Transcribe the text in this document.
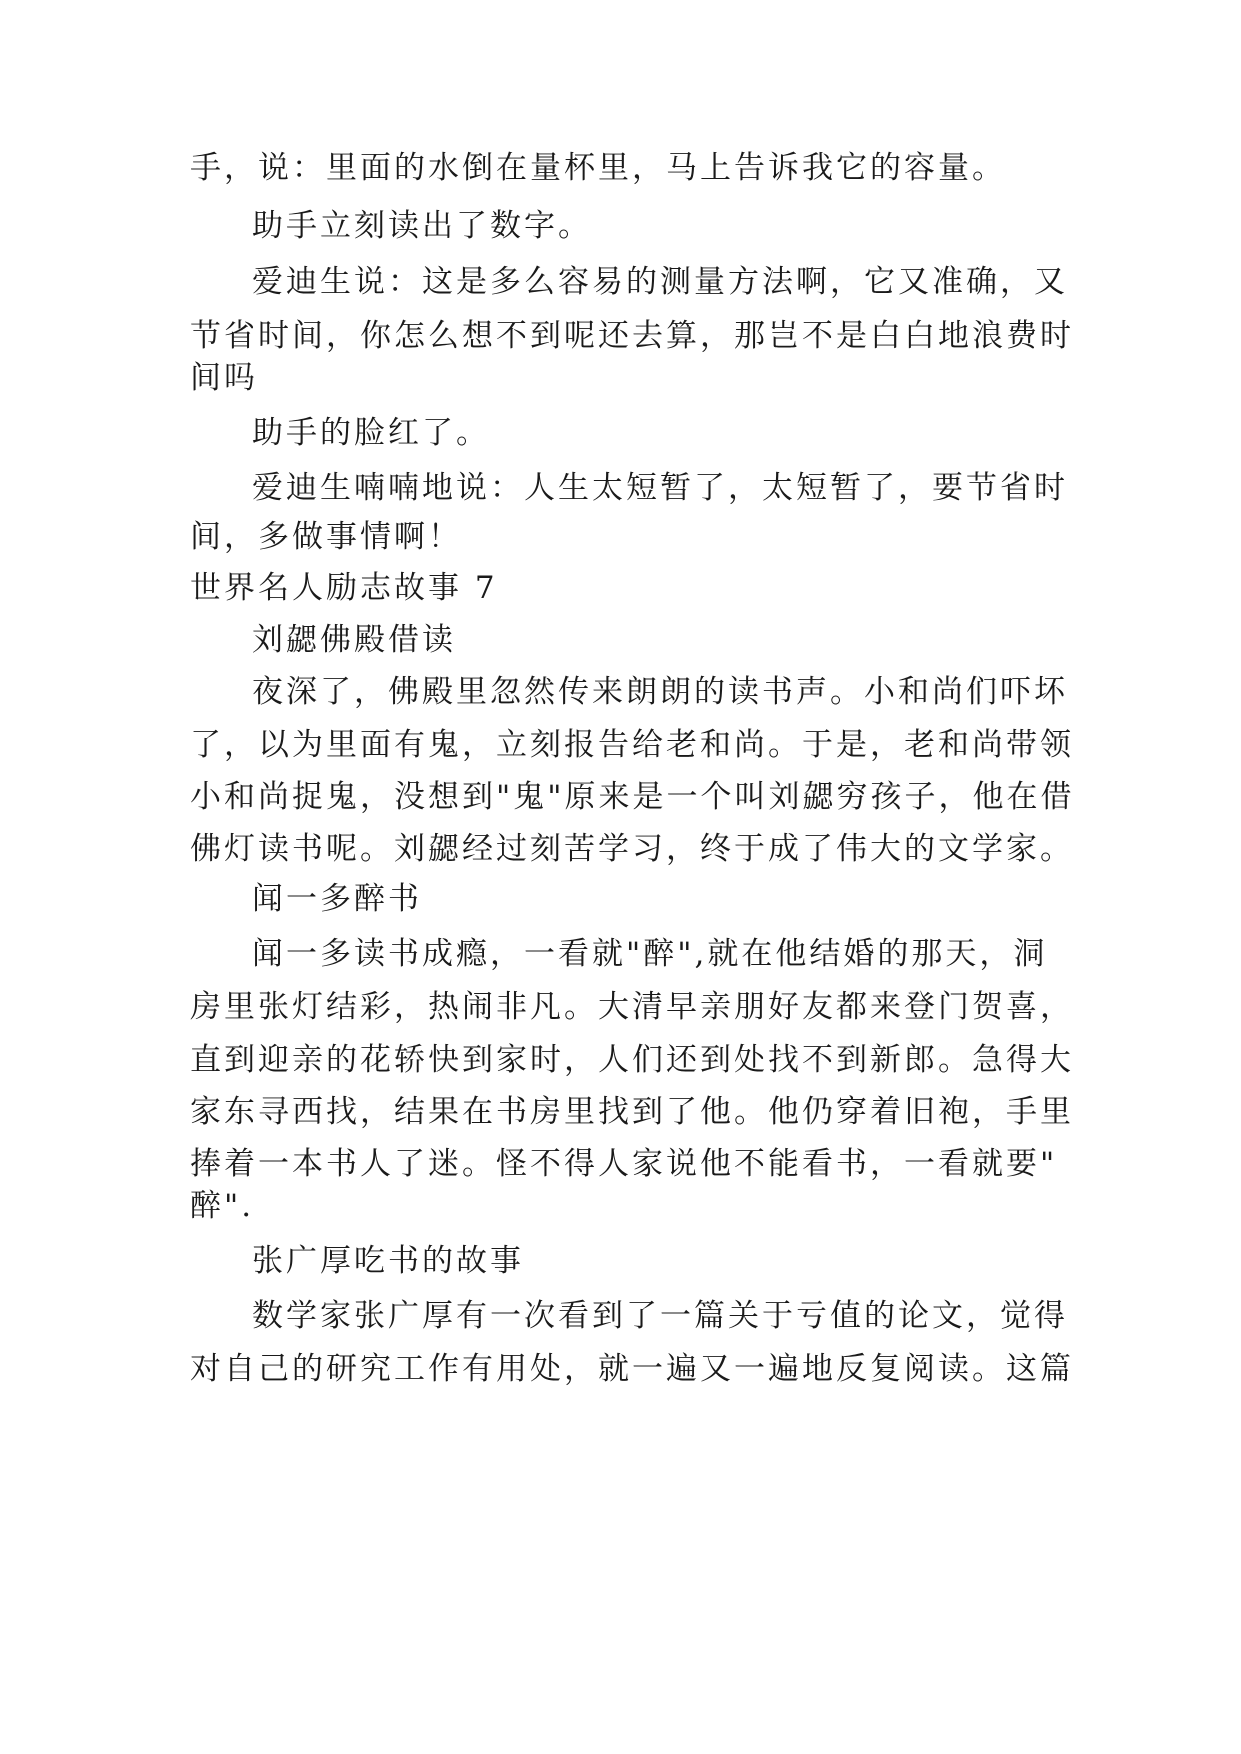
手，说：里面的水倒在量杯里，马上告诉我它的容量。
助手立刻读出了数字。
爱迪生说：这是多么容易的测量方法啊，它又准确，又
节省时间，你怎么想不到呢还去算，那岂不是白白地浪费时
间吗
助手的脸红了。
爱迪生喃喃地说：人生太短暂了，太短暂了，要节省时
间，多做事情啊！
世界名人励志故事 7
刘勰佛殿借读
夜深了，佛殿里忽然传来朗朗的读书声。小和尚们吓坏
了，以为里面有鬼，立刻报告给老和尚。于是，老和尚带领
小和尚捉鬼，没想到"鬼"原来是一个叫刘勰穷孩子，他在借
佛灯读书呢。刘勰经过刻苦学习，终于成了伟大的文学家。
闻一多醉书
闻一多读书成瘾，一看就"醉",就在他结婚的那天，洞
房里张灯结彩，热闹非凡。大清早亲朋好友都来登门贺喜，
直到迎亲的花轿快到家时，人们还到处找不到新郎。急得大
家东寻西找，结果在书房里找到了他。他仍穿着旧袍，手里
捧着一本书人了迷。怪不得人家说他不能看书，一看就要"
醉".
张广厚吃书的故事
数学家张广厚有一次看到了一篇关于亏值的论文，觉得
对自己的研究工作有用处，就一遍又一遍地反复阅读。这篇
